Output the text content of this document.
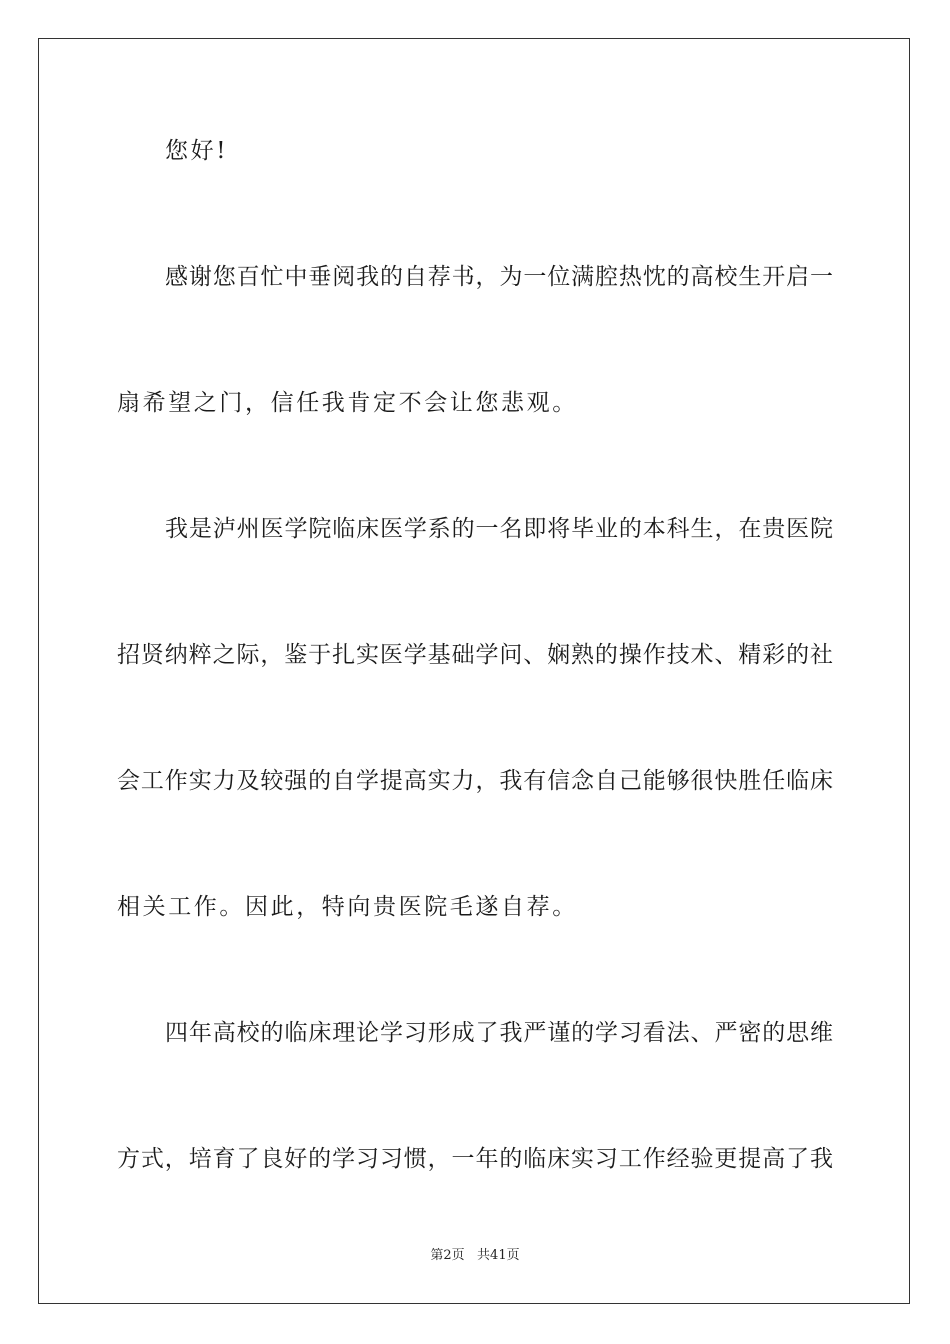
您好!
感谢您百忙中垂阅我的自荐书，为一位满腔热忱的高校生开启一
扇希望之门，信任我肯定不会让您悲观。
我是泸州医学院临床医学系的一名即将毕业的本科生，在贵医院
招贤纳粹之际，鉴于扎实医学基础学问、娴熟的操作技术、精彩的社
会工作实力及较强的自学提高实力，我有信念自己能够很快胜任临床
相关工作。因此，特向贵医院毛遂自荐。
四年高校的临床理论学习形成了我严谨的学习看法、严密的思维
方式，培育了良好的学习习惯，一年的临床实习工作经验更提高了我
第2页   共41页
